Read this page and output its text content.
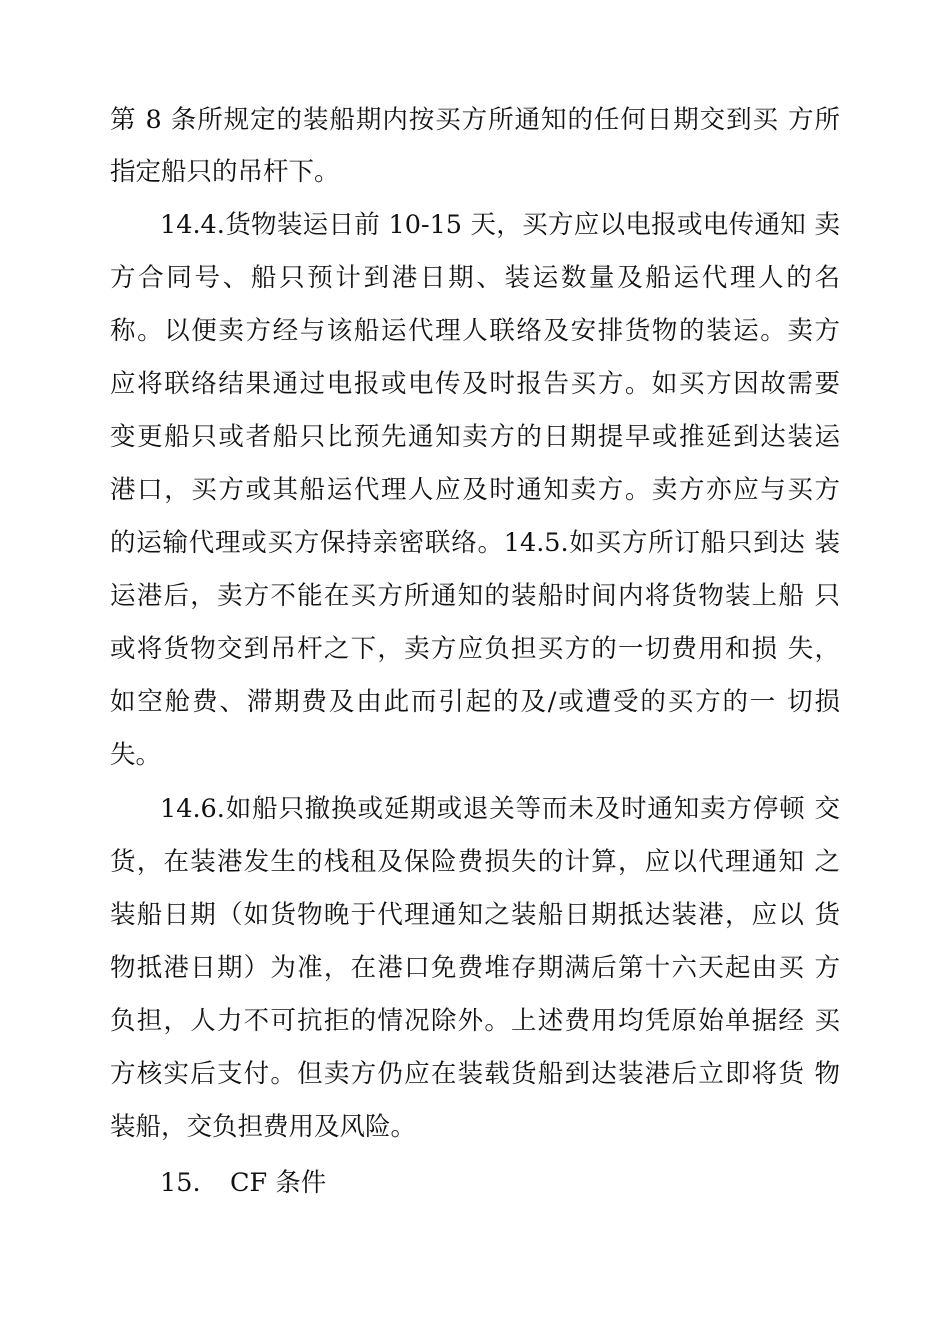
第 8 条所规定的装船期内按买方所通知的任何日期交到买 方所
指定船只的吊杆下。
14.4.货物装运日前 10-15 天，买方应以电报或电传通知 卖
方合同号、船只预计到港日期、装运数量及船运代理人的名
称。以便卖方经与该船运代理人联络及安排货物的装运。卖方
应将联络结果通过电报或电传及时报告买方。如买方因故需要
变更船只或者船只比预先通知卖方的日期提早或推延到达装运
港口，买方或其船运代理人应及时通知卖方。卖方亦应与买方
的运输代理或买方保持亲密联络。14.5.如买方所订船只到达 装
运港后，卖方不能在买方所通知的装船时间内将货物装上船 只
或将货物交到吊杆之下，卖方应负担买方的一切费用和损 失，
如空舱费、滞期费及由此而引起的及/或遭受的买方的一 切损
失。
14.6.如船只撤换或延期或退关等而未及时通知卖方停顿 交
货，在装港发生的栈租及保险费损失的计算，应以代理通知 之
装船日期（如货物晚于代理通知之装船日期抵达装港，应以 货
物抵港日期）为准，在港口免费堆存期满后第十六天起由买 方
负担，人力不可抗拒的情况除外。上述费用均凭原始单据经 买
方核实后支付。但卖方仍应在装载货船到达装港后立即将货 物
装船，交负担费用及风险。
15. CF 条件
